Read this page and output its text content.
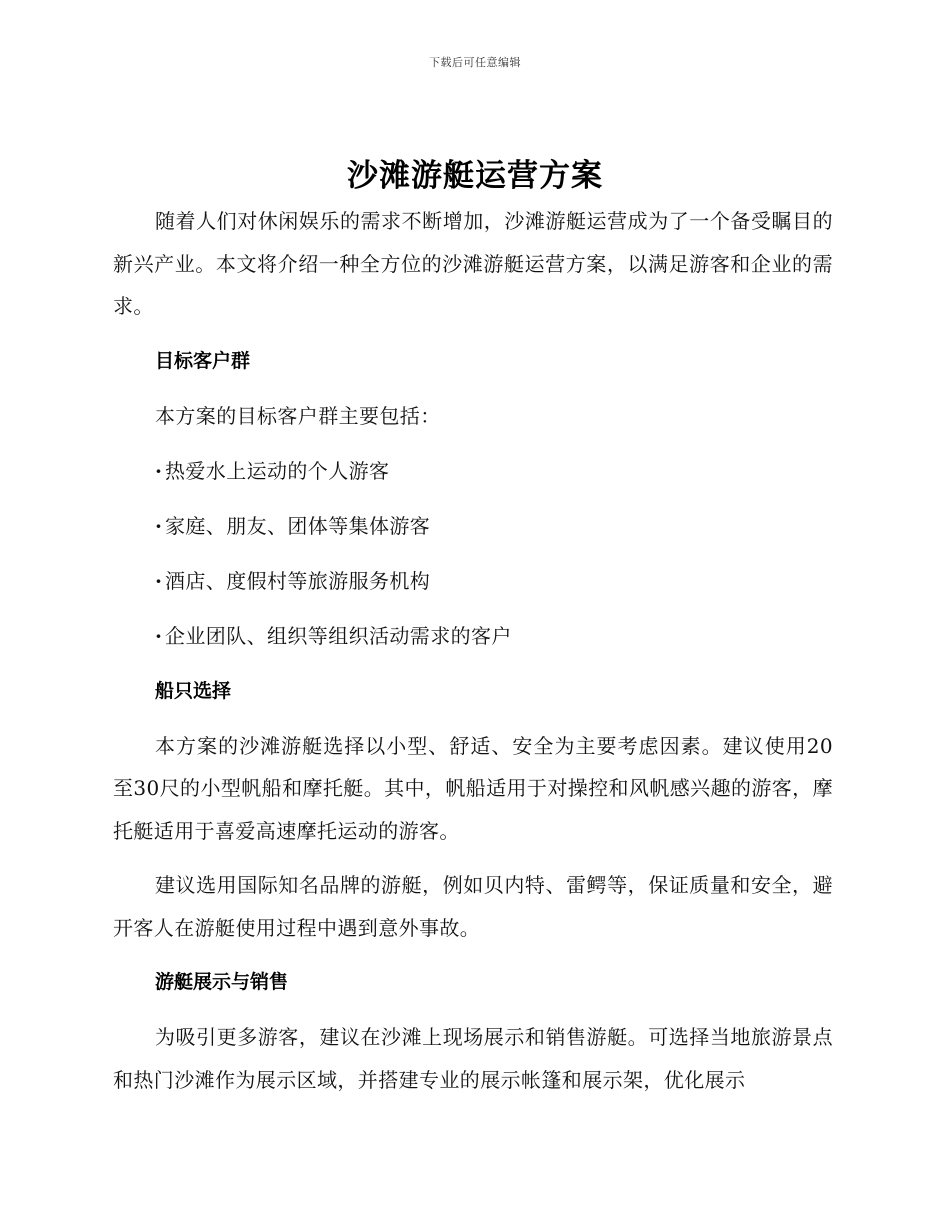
下载后可任意编辑
沙滩游艇运营方案

随着人们对休闲娱乐的需求不断增加，沙滩游艇运营成为了一个备受瞩目的新兴产业。本文将介绍一种全方位的沙滩游艇运营方案，以满足游客和企业的需求。

目标客户群
本方案的目标客户群主要包括：
· 热爱水上运动的个人游客
· 家庭、朋友、团体等集体游客
· 酒店、度假村等旅游服务机构
· 企业团队、组织等组织活动需求的客户
船只选择

本方案的沙滩游艇选择以小型、舒适、安全为主要考虑因素。建议使用20至30尺的小型帆船和摩托艇。其中，帆船适用于对操控和风帆感兴趣的游客，摩托艇适用于喜爱高速摩托运动的游客。

建议选用国际知名品牌的游艇，例如贝内特、雷鳄等，保证质量和安全，避开客人在游艇使用过程中遇到意外事故。

游艇展示与销售

为吸引更多游客，建议在沙滩上现场展示和销售游艇。可选择当地旅游景点和热门沙滩作为展示区域，并搭建专业的展示帐篷和展示架，优化展示
